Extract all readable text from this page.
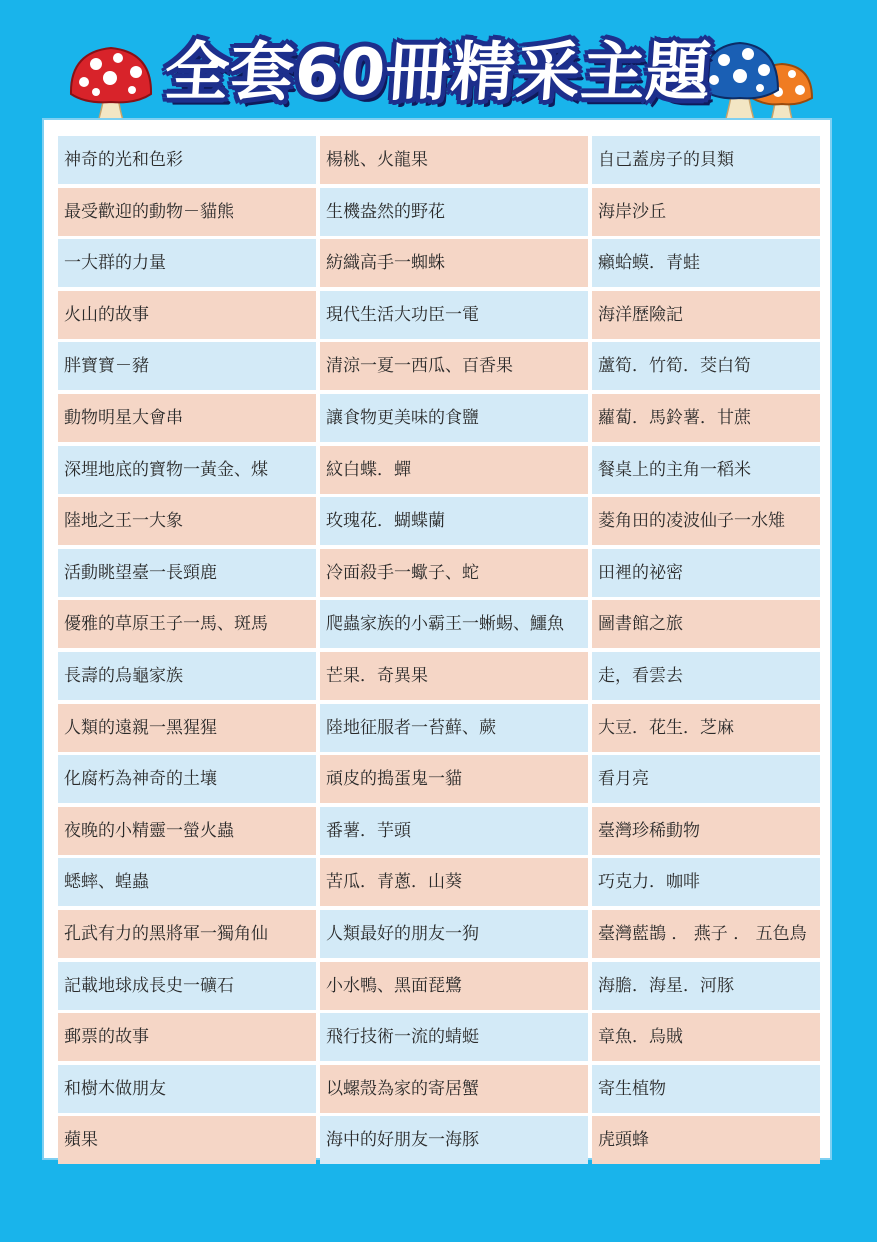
全套60冊精采主題
神奇的光和色彩	楊桃、火龍果	自己蓋房子的貝類
最受歡迎的動物－貓熊	生機盎然的野花	海岸沙丘
一大群的力量	紡織高手一蜘蛛	癩蛤蟆．青蛙
火山的故事	現代生活大功臣一電	海洋歷險記
胖寶寶－豬	清涼一夏一西瓜、百香果	蘆筍．竹筍．茭白筍
動物明星大會串	讓食物更美味的食鹽	蘿蔔．馬鈴薯．甘蔗
深埋地底的寶物一黃金、煤	紋白蝶．蟬	餐桌上的主角一稻米
陸地之王一大象	玫瑰花．蝴蝶蘭	菱角田的凌波仙子一水雉
活動眺望臺一長頸鹿	冷面殺手一蠍子、蛇	田裡的祕密
優雅的草原王子一馬、斑馬	爬蟲家族的小霸王一蜥蜴、鱷魚	圖書館之旅
長壽的烏龜家族	芒果．奇異果	走，看雲去
人類的遠親一黑猩猩	陸地征服者一苔蘚、蕨	大豆．花生．芝麻
化腐朽為神奇的土壤	頑皮的搗蛋鬼一貓	看月亮
夜晚的小精靈一螢火蟲	番薯．芋頭	臺灣珍稀動物
蟋蟀、蝗蟲	苦瓜．青蔥．山葵	巧克力．咖啡
孔武有力的黑將軍一獨角仙	人類最好的朋友一狗	臺灣藍鵲 ． 燕子 ． 五色鳥
記載地球成長史一礦石	小水鴨、黑面琵鷺	海膽．海星．河豚
郵票的故事	飛行技術一流的蜻蜓	章魚．烏賊
和樹木做朋友	以螺殼為家的寄居蟹	寄生植物
蘋果	海中的好朋友一海豚	虎頭蜂
